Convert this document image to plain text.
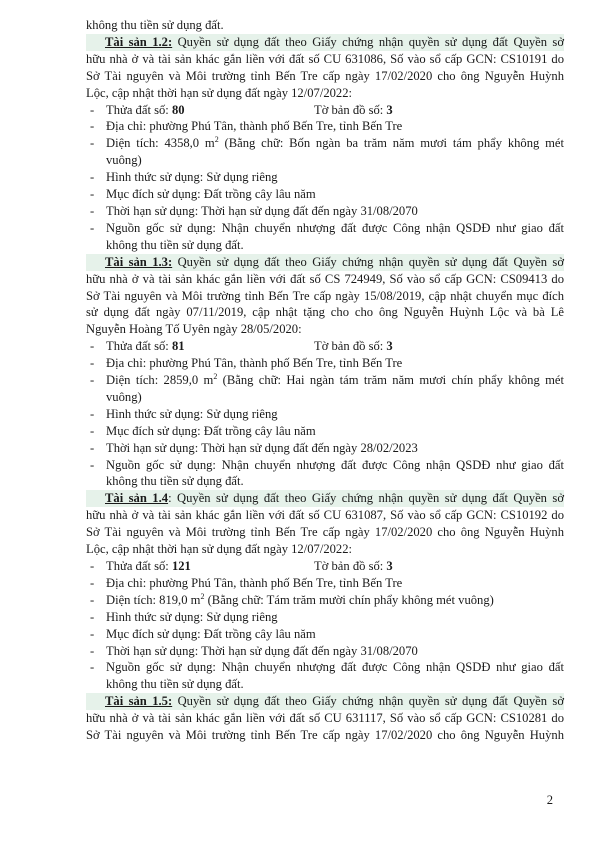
không thu tiền sử dụng đất.
Tài sản 1.2: Quyền sử dụng đất theo Giấy chứng nhận quyền sử dụng đất Quyền sở
hữu nhà ở và tài sản khác gắn liền với đất số CU 631086, Số vào sổ cấp GCN: CS10191 do
Sở Tài nguyên và Môi trường tỉnh Bến Tre cấp ngày 17/02/2020 cho ông Nguyễn Huỳnh
Lộc, cập nhật thời hạn sử dụng đất ngày 12/07/2022:
- Thửa đất số: 80	Tờ bản đồ số: 3
- Địa chỉ: phường Phú Tân, thành phố Bến Tre, tỉnh Bến Tre
- Diện tích: 4358,0 $m^2$ (Bằng chữ: Bốn ngàn ba trăm năm mươi tám phẩy không mét
vuông)
- Hình thức sử dụng: Sử dụng riêng
- Mục đích sử dụng: Đất trồng cây lâu năm
- Thời hạn sử dụng: Thời hạn sử dụng đất đến ngày 31/08/2070
- Nguồn gốc sử dụng: Nhận chuyển nhượng đất được Công nhận QSDĐ như giao đất
không thu tiền sử dụng đất.
Tài sản 1.3: Quyền sử dụng đất theo Giấy chứng nhận quyền sử dụng đất Quyền sở
hữu nhà ở và tài sản khác gắn liền với đất số CS 724949, Số vào sổ cấp GCN: CS09413 do
Sở Tài nguyên và Môi trường tỉnh Bến Tre cấp ngày 15/08/2019, cập nhật chuyển mục đích
sử dụng đất ngày 07/11/2019, cập nhật tặng cho cho ông Nguyễn Huỳnh Lộc và bà Lê
Nguyễn Hoàng Tố Uyên ngày 28/05/2020:
- Thửa đất số: 81	Tờ bản đồ số: 3
- Địa chỉ: phường Phú Tân, thành phố Bến Tre, tỉnh Bến Tre
- Diện tích: 2859,0 $m^2$ (Bằng chữ: Hai ngàn tám trăm năm mươi chín phẩy không mét
vuông)
- Hình thức sử dụng: Sử dụng riêng
- Mục đích sử dụng: Đất trồng cây lâu năm
- Thời hạn sử dụng: Thời hạn sử dụng đất đến ngày 28/02/2023
- Nguồn gốc sử dụng: Nhận chuyển nhượng đất được Công nhận QSDĐ như giao đất
không thu tiền sử dụng đất.
Tài sản 1.4: Quyền sử dụng đất theo Giấy chứng nhận quyền sử dụng đất Quyền sở
hữu nhà ở và tài sản khác gắn liền với đất số CU 631087, Số vào sổ cấp GCN: CS10192 do
Sở Tài nguyên và Môi trường tỉnh Bến Tre cấp ngày 17/02/2020 cho ông Nguyễn Huỳnh
Lộc, cập nhật thời hạn sử dụng đất ngày 12/07/2022:
- Thửa đất số: 121	Tờ bản đồ số: 3
- Địa chỉ: phường Phú Tân, thành phố Bến Tre, tỉnh Bến Tre
- Diện tích: 819,0 $m^2$ (Bằng chữ: Tám trăm mười chín phẩy không mét vuông)
- Hình thức sử dụng: Sử dụng riêng
- Mục đích sử dụng: Đất trồng cây lâu năm
- Thời hạn sử dụng: Thời hạn sử dụng đất đến ngày 31/08/2070
- Nguồn gốc sử dụng: Nhận chuyển nhượng đất được Công nhận QSDĐ như giao đất
không thu tiền sử dụng đất.
Tài sản 1.5: Quyền sử dụng đất theo Giấy chứng nhận quyền sử dụng đất Quyền sở
hữu nhà ở và tài sản khác gắn liền với đất số CU 631117, Số vào sổ cấp GCN: CS10281 do
Sở Tài nguyên và Môi trường tỉnh Bến Tre cấp ngày 17/02/2020 cho ông Nguyễn Huỳnh
2
